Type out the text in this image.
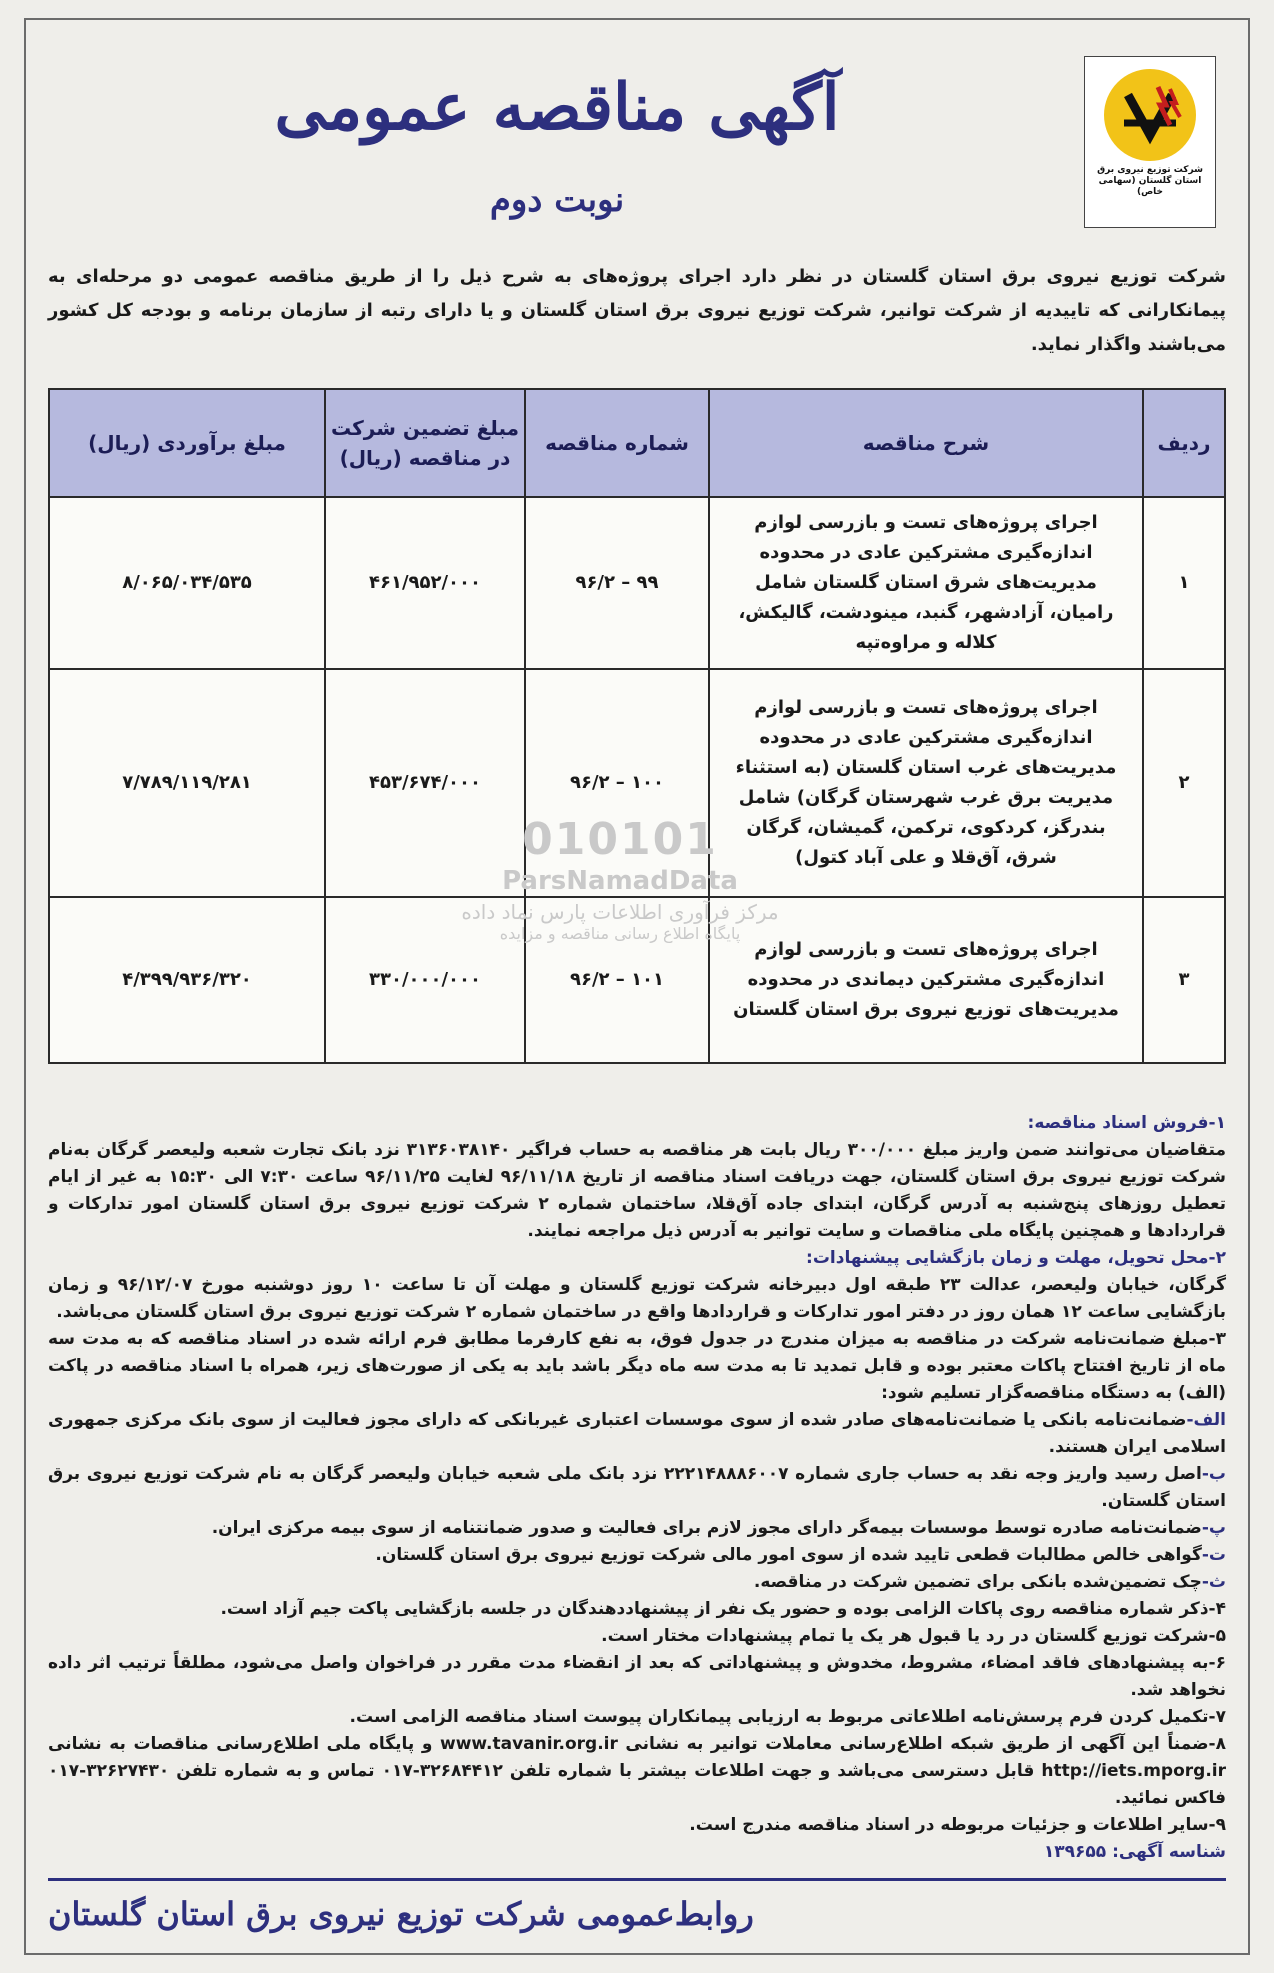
شرکت توزیع نیروی برق استان گلستان (سهامی خاص)
آگهی مناقصه عمومی
نوبت دوم
شرکت توزیع نیروی برق استان گلستان در نظر دارد اجرای پروژه‌های به شرح ذیل را از طریق مناقصه عمومی دو مرحله‌ای به پیمانکارانی که تاییدیه از شرکت توانیر، شرکت توزیع نیروی برق استان گلستان و یا دارای رتبه از سازمان برنامه و بودجه کل کشور می‌باشند واگذار نماید.
ردیف	شرح مناقصه	شماره مناقصه	مبلغ تضمین شرکت در مناقصه (ریال)	مبلغ برآوردی (ریال)
۱	اجرای پروژه‌های تست و بازرسی لوازم اندازه‌گیری مشترکین عادی در محدوده مدیریت‌های شرق استان گلستان شامل رامیان، آزادشهر، گنبد، مینودشت، گالیکش، کلاله و مراوه‌تپه	۹۹ – ۹۶/۲	۴۶۱/۹۵۲/۰۰۰	۸/۰۶۵/۰۳۴/۵۳۵
۲	اجرای پروژه‌های تست و بازرسی لوازم اندازه‌گیری مشترکین عادی در محدوده مدیریت‌های غرب استان گلستان (به استثناء مدیریت برق غرب شهرستان گرگان) شامل بندرگز، کردکوی، ترکمن، گمیشان، گرگان شرق، آق‌قلا و علی آباد کتول)	۱۰۰ – ۹۶/۲	۴۵۳/۶۷۴/۰۰۰	۷/۷۸۹/۱۱۹/۲۸۱
۳	اجرای پروژه‌های تست و بازرسی لوازم اندازه‌گیری مشترکین دیماندی در محدوده مدیریت‌های توزیع نیروی برق استان گلستان	۱۰۱ – ۹۶/۲	۳۳۰/۰۰۰/۰۰۰	۴/۳۹۹/۹۳۶/۳۲۰
010101
ParsNamadData
مرکز فرآوری اطلاعات پارس نماد داده
پایگاه اطلاع رسانی مناقصه و مزایده

۱-فروش اسناد مناقصه:

متقاضیان می‌توانند ضمن واریز مبلغ ۳۰۰/۰۰۰ ریال بابت هر مناقصه به حساب فراگیر ۳۱۳۶۰۳۸۱۴۰ نزد بانک تجارت شعبه ولیعصر گرگان به‌نام شرکت توزیع نیروی برق استان گلستان، جهت دریافت اسناد مناقصه از تاریخ ۹۶/۱۱/۱۸ لغایت ۹۶/۱۱/۲۵ ساعت ۷:۳۰ الی ۱۵:۳۰ به غیر از ایام تعطیل روزهای پنج‌شنبه به آدرس گرگان، ابتدای جاده آق‌قلا، ساختمان شماره ۲ شرکت توزیع نیروی برق استان گلستان امور تدارکات و قراردادها و همچنین پایگاه ملی مناقصات و سایت توانیر به آدرس ذیل مراجعه نمایند.

۲-محل تحویل، مهلت و زمان بازگشایی پیشنهادات:

گرگان، خیابان ولیعصر، عدالت ۲۳ طبقه اول دبیرخانه شرکت توزیع گلستان و مهلت آن تا ساعت ۱۰ روز دوشنبه مورخ ۹۶/۱۲/۰۷ و زمان بازگشایی ساعت ۱۲ همان روز در دفتر امور تدارکات و قراردادها واقع در ساختمان شماره ۲ شرکت توزیع نیروی برق استان گلستان می‌باشد.

۳-مبلغ ضمانت‌نامه شرکت در مناقصه به میزان مندرج در جدول فوق، به نفع کارفرما مطابق فرم ارائه شده در اسناد مناقصه که به مدت سه ماه از تاریخ افتتاح پاکات معتبر بوده و قابل تمدید تا به مدت سه ماه دیگر باشد باید به یکی از صورت‌های زیر، همراه با اسناد مناقصه در پاکت (الف) به دستگاه مناقصه‌گزار تسلیم شود:

الف-ضمانت‌نامه بانکی یا ضمانت‌نامه‌های صادر شده از سوی موسسات اعتباری غیربانکی که دارای مجوز فعالیت از سوی بانک مرکزی جمهوری اسلامی ایران هستند.

ب-اصل رسید واریز وجه نقد به حساب جاری شماره ۲۲۲۱۴۸۸۸۶۰۰۷ نزد بانک ملی شعبه خیابان ولیعصر گرگان به نام شرکت توزیع نیروی برق استان گلستان.

پ-ضمانت‌نامه صادره توسط موسسات بیمه‌گر دارای مجوز لازم برای فعالیت و صدور ضمانتنامه از سوی بیمه مرکزی ایران.

ت-گواهی خالص مطالبات قطعی تایید شده از سوی امور مالی شرکت توزیع نیروی برق استان گلستان.

ث-چک تضمین‌شده بانکی برای تضمین شرکت در مناقصه.

۴-ذکر شماره مناقصه روی پاکات الزامی بوده و حضور یک نفر از پیشنهاددهندگان در جلسه بازگشایی پاکت جیم آزاد است.

۵-شرکت توزیع گلستان در رد یا قبول هر یک یا تمام پیشنهادات مختار است.

۶-به پیشنهادهای فاقد امضاء، مشروط، مخدوش و پیشنهاداتی که بعد از انقضاء مدت مقرر در فراخوان واصل می‌شود، مطلقاً ترتیب اثر داده نخواهد شد.

۷-تکمیل کردن فرم پرسش‌نامه اطلاعاتی مربوط به ارزیابی پیمانکاران پیوست اسناد مناقصه الزامی است.

۸-ضمناً این آگهی از طریق شبکه اطلاع‌رسانی معاملات توانیر به نشانی www.tavanir.org.ir و پایگاه ملی اطلاع‌رسانی مناقصات به نشانی http://iets.mporg.ir قابل دسترسی می‌باشد و جهت اطلاعات بیشتر با شماره تلفن ۳۲۶۸۴۴۱۲-۰۱۷ تماس و به شماره تلفن ۳۲۶۲۷۴۳۰-۰۱۷ فاکس نمائید.

۹-سایر اطلاعات و جزئیات مربوطه در اسناد مناقصه مندرج است.

شناسه آگهی: ۱۳۹۶۵۵

روابط‌عمومی شرکت توزیع نیروی برق استان گلستان
